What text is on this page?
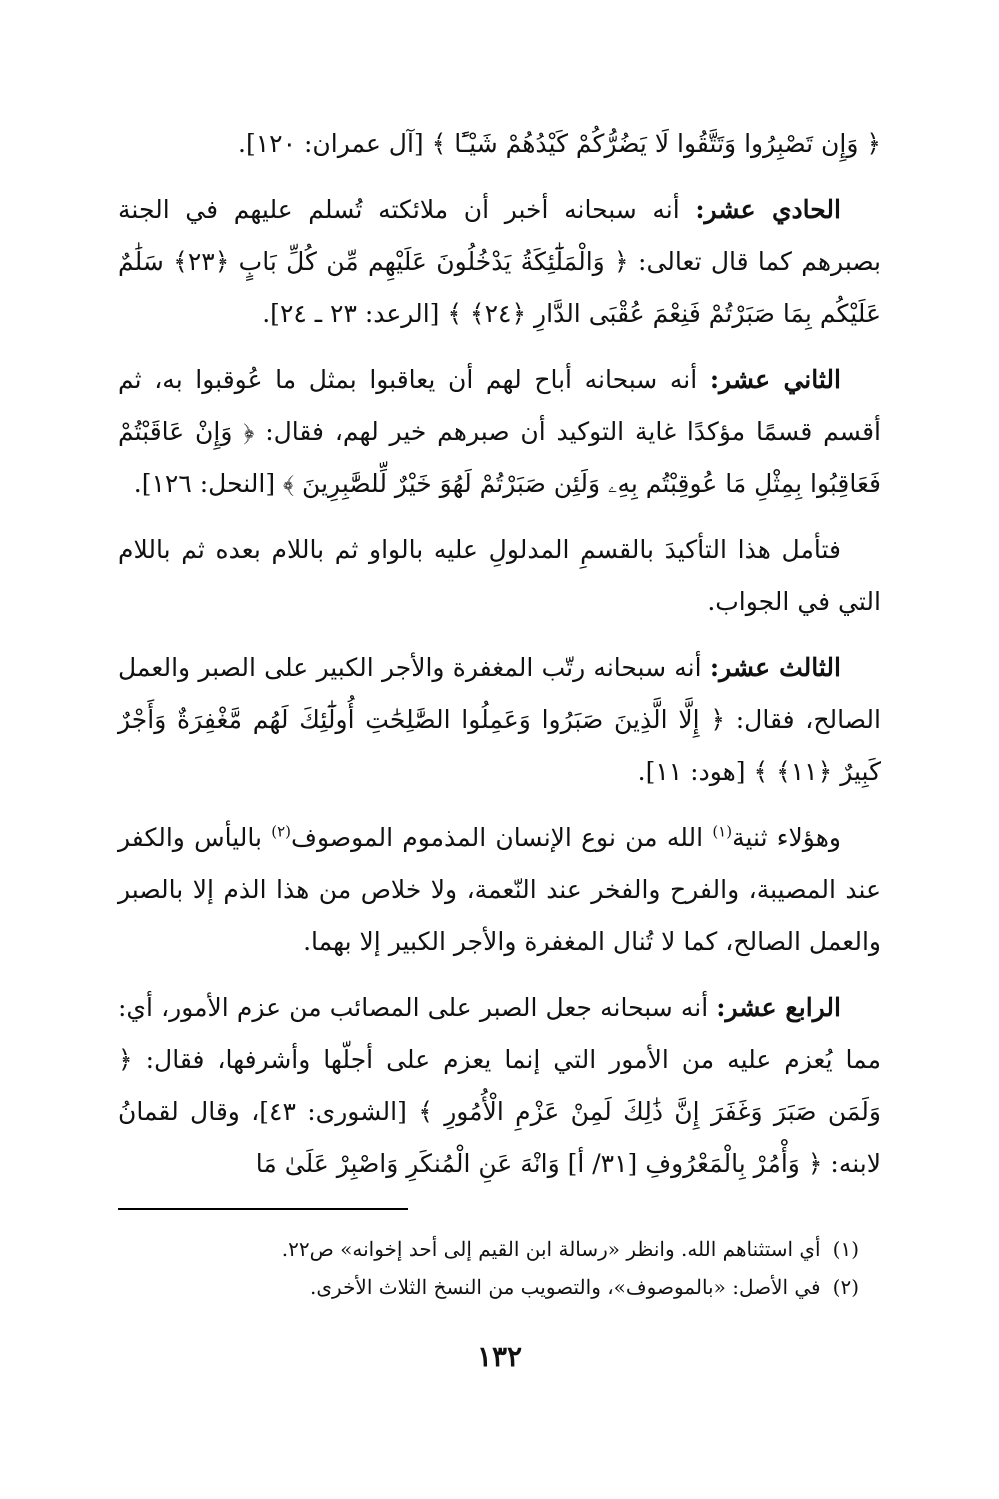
﴿ وَإِن تَصْبِرُوا وَتَتَّقُوا لَا يَضُرُّكُمْ كَيْدُهُمْ شَيْـًٔا ﴾ [آل عمران: ١٢٠].

الحادي عشر: أنه سبحانه أخبر أن ملائكته تُسلم عليهم في الجنة بصبرهم كما قال تعالى: ﴿ وَالْمَلَٰٓئِكَةُ يَدْخُلُونَ عَلَيْهِم مِّن كُلِّ بَابٍ ﴿٢٣﴾ سَلَٰمٌ عَلَيْكُم بِمَا صَبَرْتُمْ فَنِعْمَ عُقْبَى الدَّارِ ﴿٢٤﴾ ﴾ [الرعد: ٢٣ ـ ٢٤].

الثاني عشر: أنه سبحانه أباح لهم أن يعاقبوا بمثل ما عُوقبوا به، ثم أقسم قسمًا مؤكدًا غاية التوكيد أن صبرهم خير لهم، فقال: ﴿ وَإِنْ عَاقَبْتُمْ فَعَاقِبُوا بِمِثْلِ مَا عُوقِبْتُم بِهِۦ وَلَئِن صَبَرْتُمْ لَهُوَ خَيْرٌ لِّلصَّٰبِرِينَ ﴾ [النحل: ١٢٦].

فتأمل هذا التأكيدَ بالقسمِ المدلولِ عليه بالواو ثم باللام بعده ثم باللام التي في الجواب.

الثالث عشر: أنه سبحانه رتّب المغفرة والأجر الكبير على الصبر والعمل الصالح، فقال: ﴿ إِلَّا الَّذِينَ صَبَرُوا وَعَمِلُوا الصَّٰلِحَٰتِ أُولَٰٓئِكَ لَهُم مَّغْفِرَةٌ وَأَجْرٌ كَبِيرٌ ﴿١١﴾ ﴾ [هود: ١١].

وهؤلاء ثنية$^{(١)}$ الله من نوع الإنسان المذموم الموصوف$^{(٢)}$ باليأس والكفر عند المصيبة، والفرح والفخر عند النّعمة، ولا خلاص من هذا الذم إلا بالصبر والعمل الصالح، كما لا تُنال المغفرة والأجر الكبير إلا بهما.

الرابع عشر: أنه سبحانه جعل الصبر على المصائب من عزم الأمور، أي: مما يُعزم عليه من الأمور التي إنما يعزم على أجلّها وأشرفها، فقال: ﴿ وَلَمَن صَبَرَ وَغَفَرَ إِنَّ ذَٰلِكَ لَمِنْ عَزْمِ الْأُمُورِ ﴾ [الشورى: ٤٣]، وقال لقمانُ لابنه: ﴿ وَأْمُرْ بِالْمَعْرُوفِ [٣١/ أ] وَانْهَ عَنِ الْمُنكَرِ وَاصْبِرْ عَلَىٰ مَا

(١)أي استثناهم الله. وانظر «رسالة ابن القيم إلى أحد إخوانه» ص٢٢.

(٢)في الأصل: «بالموصوف»، والتصويب من النسخ الثلاث الأخرى.

١٣٢
